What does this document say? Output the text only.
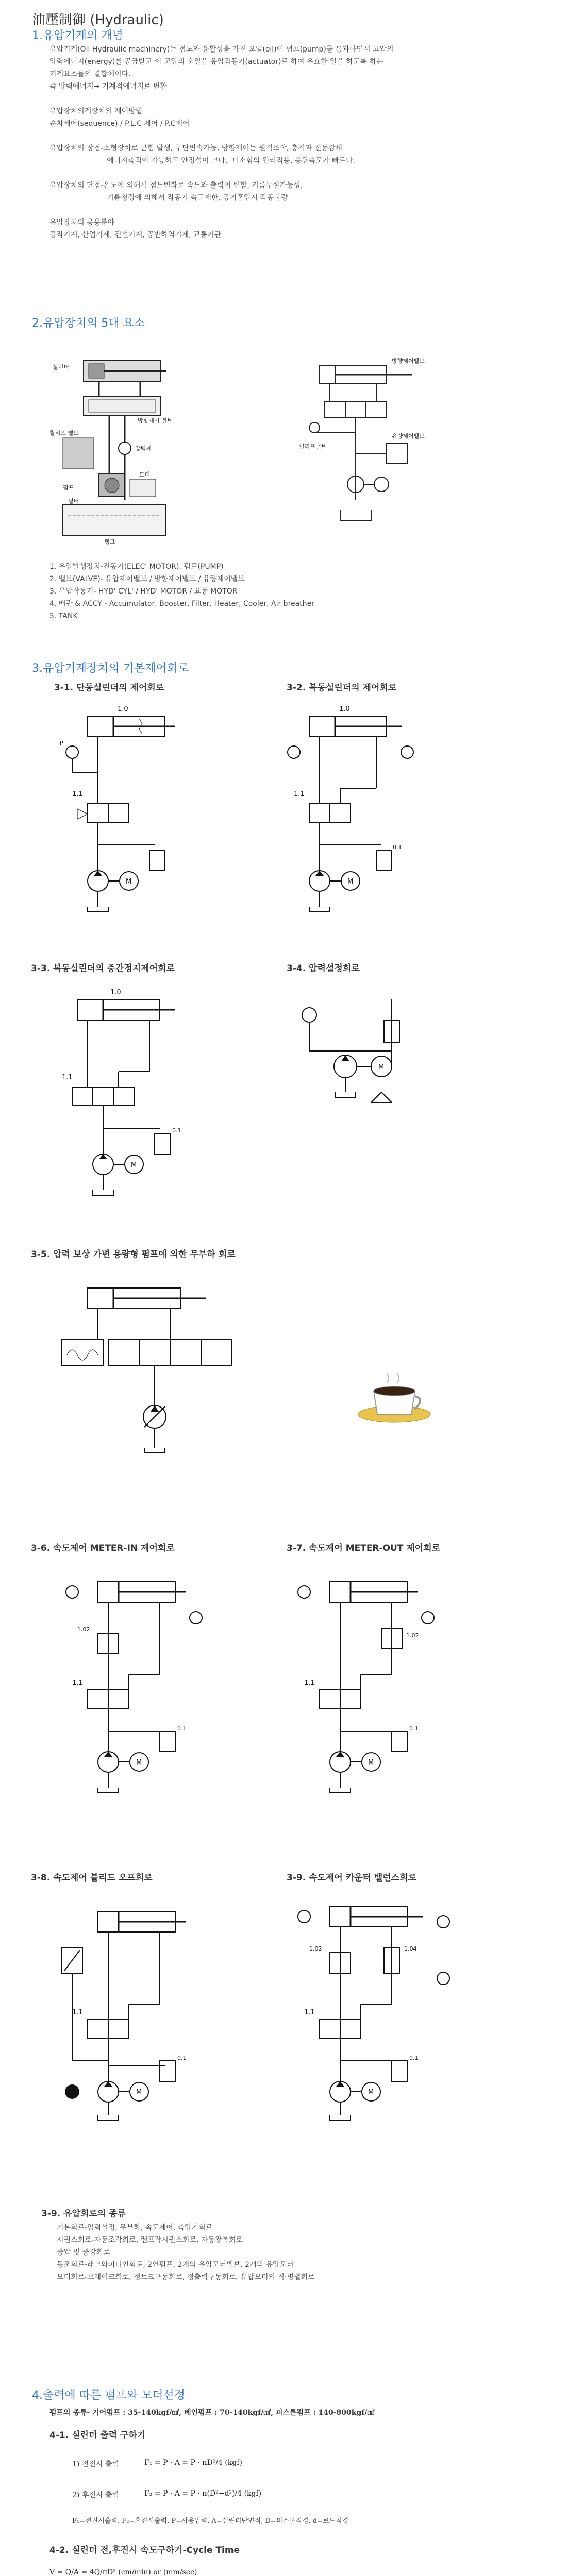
油壓制御 (Hydraulic)
1.유압기계의 개념
유압기계(Oil Hydraulic machinery)는 점도와 윤활성을 가진 오일(oil)이 펌프(pump)를 통과하면서 고압의
압력에너지(energy)를 공급받고 이 고압의 오일을 유압작동기(actuator)로 하여 유효한 일을 하도록 하는
기계요소들의 결합체이다.
즉 압력에너지→ 기계적에너지로 변환

유압장치의계장치의 제어방법
순차제어(sequence) / P.L.C 제어 / P.C제어

유압장치의 장점-소형장치로 큰힘 발생, 무단변속가능, 방향제어는 원격조작, 충격과 진동감쇄
에너지축적이 가능하고 안정성이 크다.  미소힘의 원리적용, 응답속도가 빠르다.

유압장치의 단점-온도에 의해서 점도변화로 속도와 출력이 변함, 기름누설가능성,
기름청정에 의해서 작동기 속도제한, 공기혼입시 작동불량

유압장치의 응용분야
공작기계, 산업기계, 건설기계, 공반하역기계, 교통기관
2.유압장치의 5대 요소
실린더
방향제어 밸브
압력계
릴리프 밸브
펌프
모터
필터
탱크
방향제어밸브
릴리프밸브
유량제어밸브
1. 유압발생장치-전동기(ELEC' MOTOR), 펌프(PUMP)
2. 밸브(VALVE)- 유압제어밸브 / 방향제어밸브 / 유량제어밸브
3. 유압작동기- HYD' CYL' / HYD' MOTOR / 요동 MOTOR
4. 배관 & ACCY - Accumulator, Booster, Filter, Heater, Cooler, Air breather
5. TANK
3.유압기계장치의 기본제어회로
3-1. 단동실린더의 제어회로	3-2. 복동실린더의 제어회로
1.0
P
1.1
M
1.0
1.1
0.1
M
3-3. 복동실린더의 중간정지제어회로	3-4. 압력설정회로
1.0
1.1
0.1
M
M
3-5. 압력 보상 가변 용량형 펌프에 의한 무부하 회로
3-6. 속도제어 METER-IN 제어회로	3-7. 속도제어 METER-OUT 제어회로
1.02
1.1
0.1
M
1.02
1.1
0.1
M
3-8. 속도제어 블리드 오프회로	3-9. 속도제어 카운터 밸런스회로
1.1
0.1
M
1.02	1.04
1.1
0.1
M
3-9. 유압회로의 종류
기본회로-압력설정, 무부하, 속도제어, 축압기회로
시퀀스회로-자동조작회로, 램프작시퀀스회로, 자동왕복회로
증압 및 증강회로
동조회로-래크와피니언회로, 2연펌프, 2개의 유압모터밸브, 2개의 유압모터
모터회로-브레이크회로, 정토크구동회로, 정출력구동회로, 유압모터의 직·병렬회로
4.출력에 따른 펌프와 모터선정
펌프의 종류- 기어펌프 : 35-140kgf/㎠, 베인펌프 : 70-140kgf/㎠, 피스톤펌프 : 140-800kgf/㎠
4-1. 실린더 출력 구하기
1) 전진시 출력	F₁ = P · A = P · πD²/4 (kgf)
2) 후진시 출력	F₂ = P · A = P · π(D²−d²)/4 (kgf)
F₁=전진시출력, F₂=후진시출력, P=사용압력, A=실린더단면적, D=피스톤직경, d=로드직경
4-2. 실린더 전,후진시 속도구하기-Cycle Time
V = Q/A = 4Q/πD² (cm/min) or (mm/sec)
